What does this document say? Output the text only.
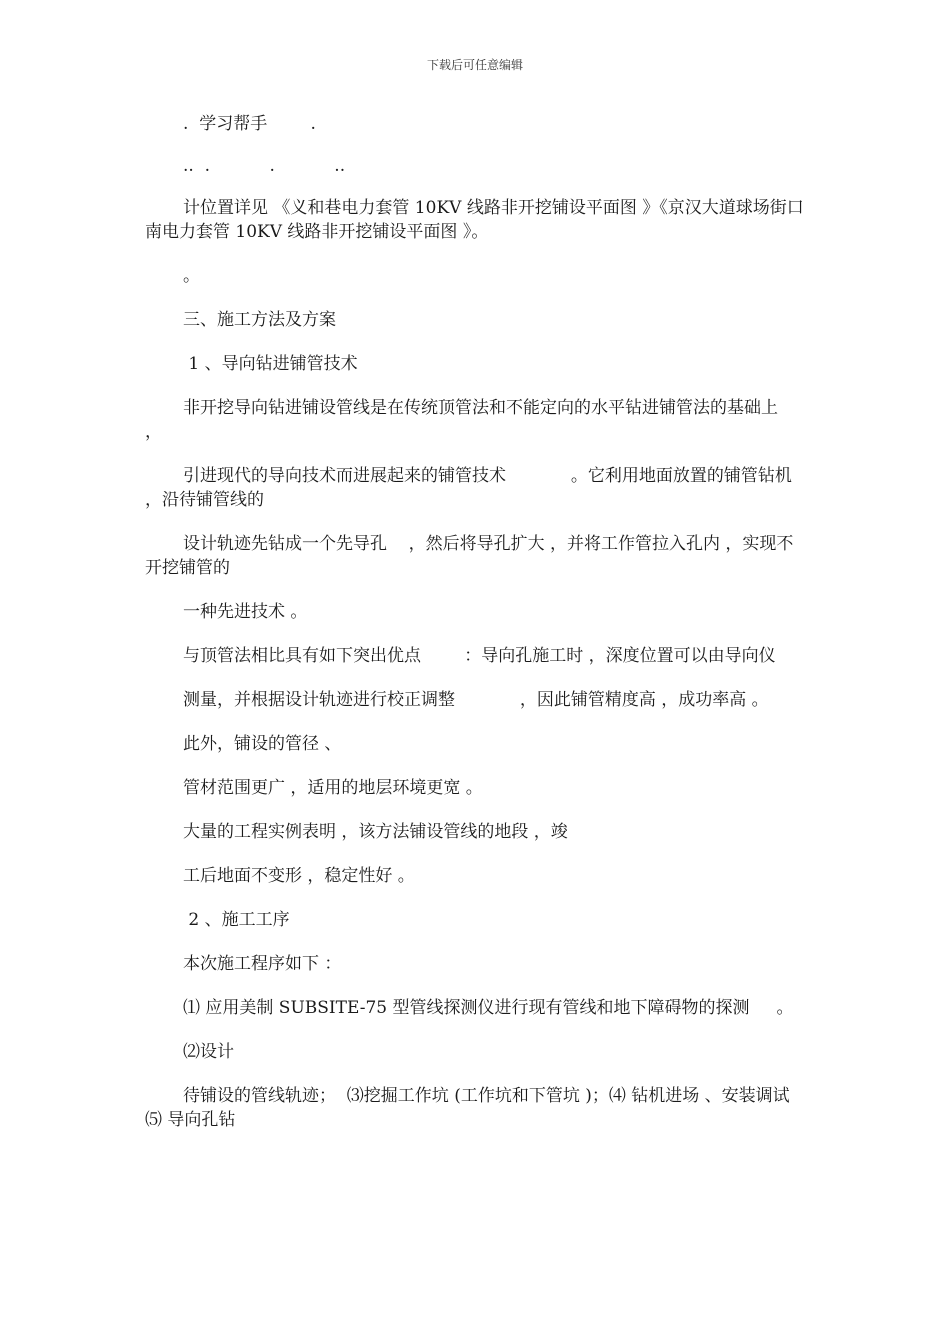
下载后可任意编辑

.  学习帮手        .

..  .           .           ..

计位置详见 《义和巷电力套管 10KV 线路非开挖铺设平面图 》《京汉大道球场街口南电力套管 10KV 线路非开挖铺设平面图 》。

。

三、施工方法及方案

1 、导向钻进铺管技术

非开挖导向钻进铺设管线是在传统顶管法和不能定向的水平钻进铺管法的基础上            ，

引进现代的导向技术而进展起来的铺管技术            。它利用地面放置的铺管钻机          ，沿待铺管线的

设计轨迹先钻成一个先导孔    ，然后将导孔扩大 ，并将工作管拉入孔内 ，实现不开挖铺管的

一种先进技术 。

与顶管法相比具有如下突出优点        ：导向孔施工时 ，深度位置可以由导向仪

测量，并根据设计轨迹进行校正调整            ，因此铺管精度高 ，成功率高 。

此外，铺设的管径 、

管材范围更广 ，适用的地层环境更宽 。

大量的工程实例表明 ，该方法铺设管线的地段 ，竣

工后地面不变形 ，稳定性好 。

2 、施工工序

本次施工程序如下 ：

⑴ 应用美制 SUBSITE-75 型管线探测仪进行现有管线和地下障碍物的探测     。

⑵设计

待铺设的管线轨迹；  ⑶挖掘工作坑 (工作坑和下管坑 )；⑷ 钻机进场 、安装调试            ⑸ 导向孔钻
